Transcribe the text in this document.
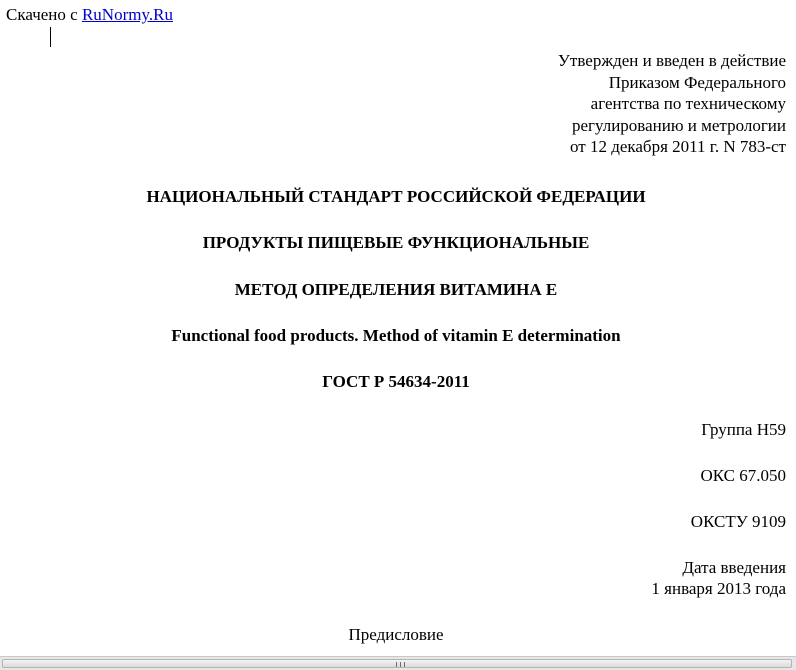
Скачено с RuNormy.Ru
Утвержден и введен в действие
Приказом Федерального
агентства по техническому
регулированию и метрологии
от 12 декабря 2011 г. N 783-ст
НАЦИОНАЛЬНЫЙ СТАНДАРТ РОССИЙСКОЙ ФЕДЕРАЦИИ
ПРОДУКТЫ ПИЩЕВЫЕ ФУНКЦИОНАЛЬНЫЕ
МЕТОД ОПРЕДЕЛЕНИЯ ВИТАМИНА Е
Functional food products. Method of vitamin E determination
ГОСТ Р 54634-2011
Группа Н59
ОКС 67.050
ОКСТУ 9109
Дата введения
1 января 2013 года
Предисловие
